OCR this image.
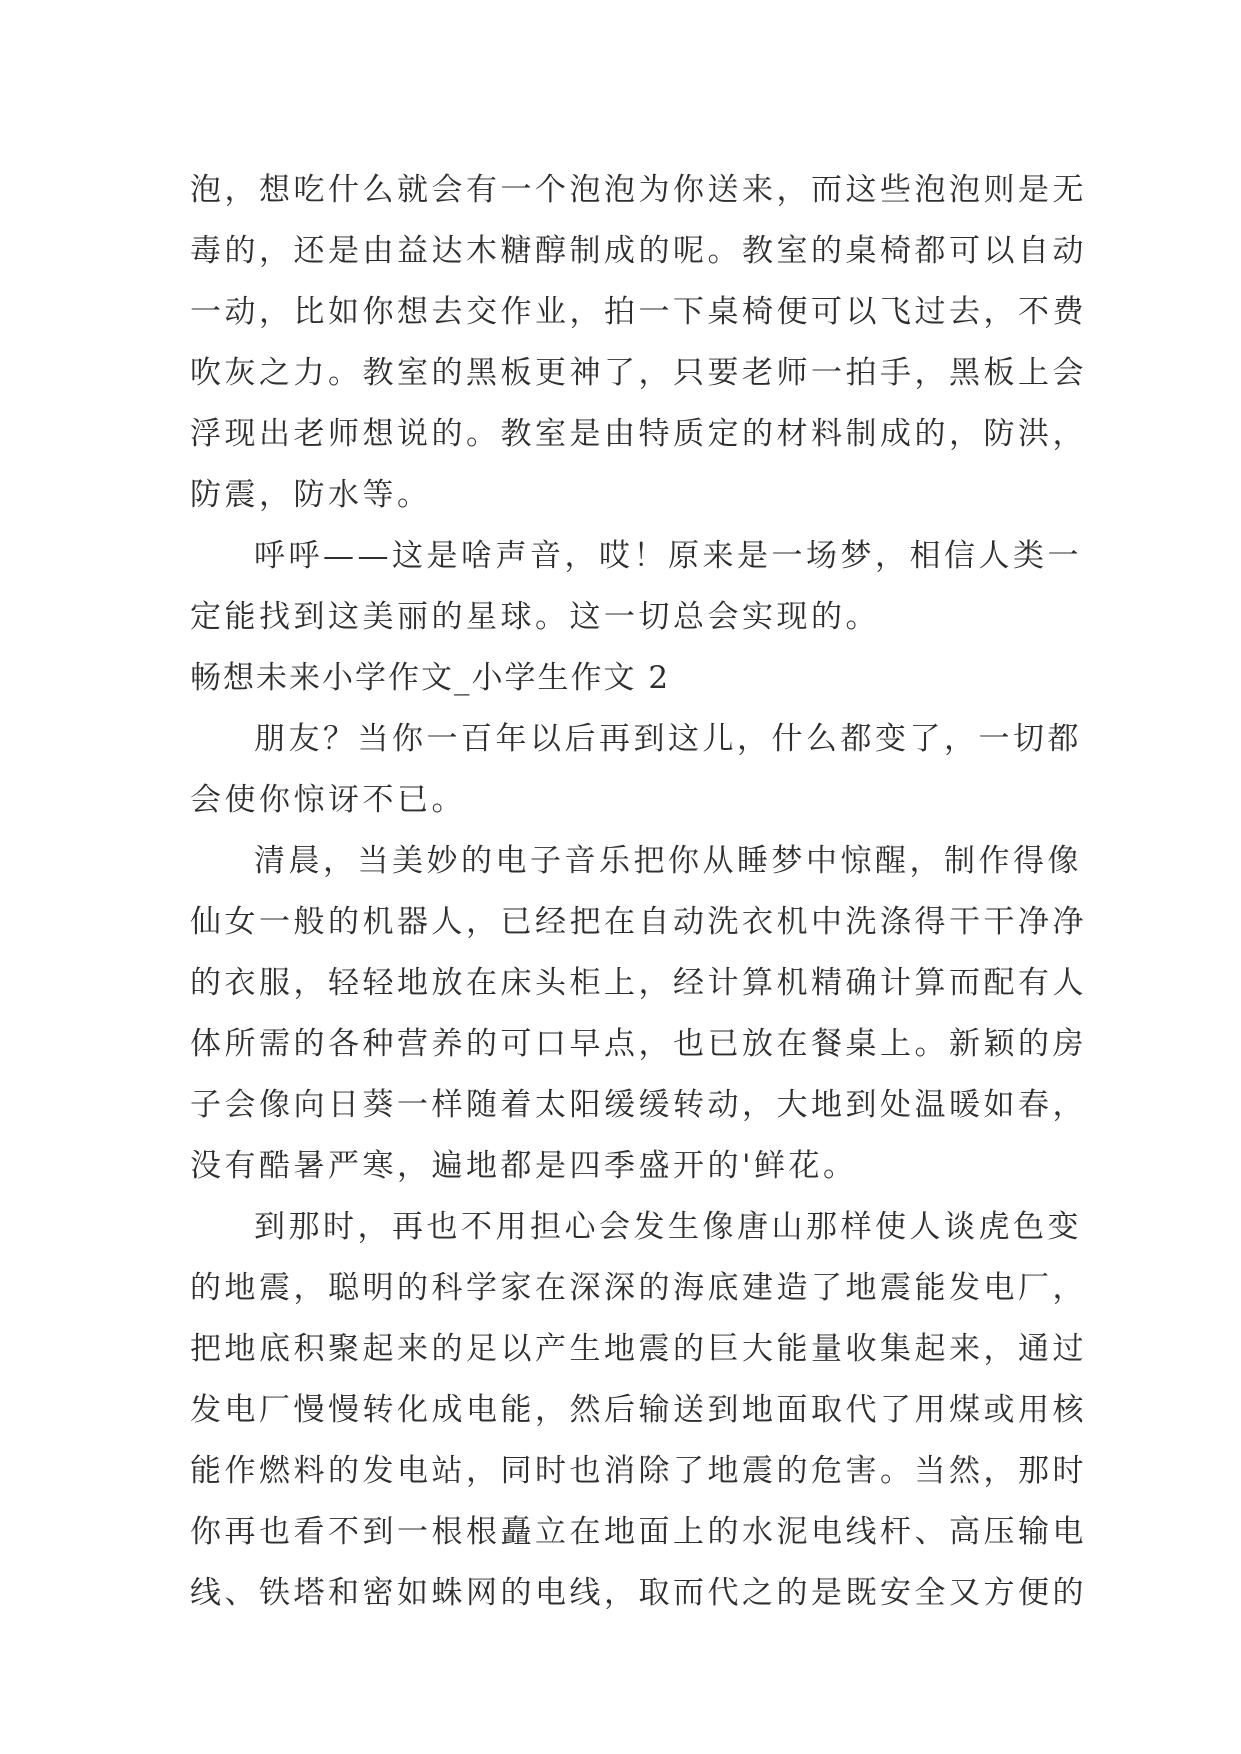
泡，想吃什么就会有一个泡泡为你送来，而这些泡泡则是无
毒的，还是由益达木糖醇制成的呢。教室的桌椅都可以自动
一动，比如你想去交作业，拍一下桌椅便可以飞过去，不费
吹灰之力。教室的黑板更神了，只要老师一拍手，黑板上会
浮现出老师想说的。教室是由特质定的材料制成的，防洪，
防震，防水等。
呼呼——这是啥声音，哎！原来是一场梦，相信人类一
定能找到这美丽的星球。这一切总会实现的。
畅想未来小学作文_小学生作文 2
朋友？当你一百年以后再到这儿，什么都变了，一切都
会使你惊讶不已。
清晨，当美妙的电子音乐把你从睡梦中惊醒，制作得像
仙女一般的机器人，已经把在自动洗衣机中洗涤得干干净净
的衣服，轻轻地放在床头柜上，经计算机精确计算而配有人
体所需的各种营养的可口早点，也已放在餐桌上。新颖的房
子会像向日葵一样随着太阳缓缓转动，大地到处温暖如春，
没有酷暑严寒，遍地都是四季盛开的'鲜花。
到那时，再也不用担心会发生像唐山那样使人谈虎色变
的地震，聪明的科学家在深深的海底建造了地震能发电厂，
把地底积聚起来的足以产生地震的巨大能量收集起来，通过
发电厂慢慢转化成电能，然后输送到地面取代了用煤或用核
能作燃料的发电站，同时也消除了地震的危害。当然，那时
你再也看不到一根根矗立在地面上的水泥电线杆、高压输电
线、铁塔和密如蛛网的电线，取而代之的是既安全又方便的
